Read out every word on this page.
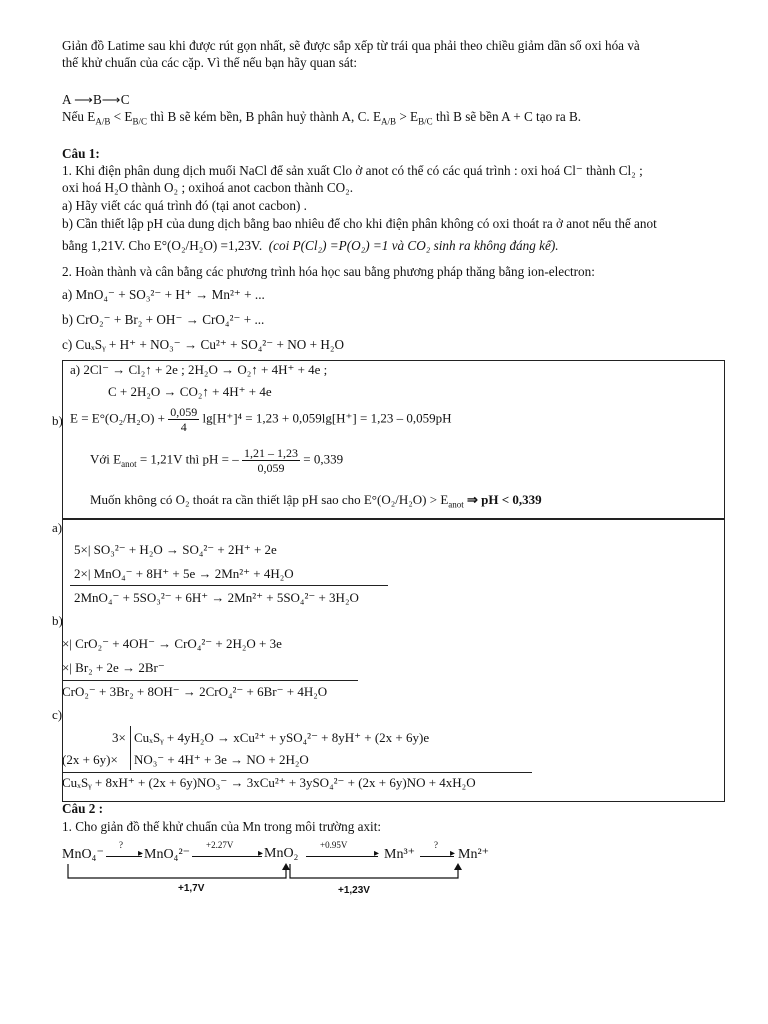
Giản đồ Latime sau khi được rút gọn nhất, sẽ được sắp xếp từ trái qua phải theo chiều giảm dần số oxi hóa và
thế khử chuẩn của các cặp. Vì thế nếu bạn hãy quan sát:
A ⟶B⟶C
Nếu $E_{A/B} < E_{B/C}$ thì B sẽ kém bền, B phân huỷ thành A, C. $E_{A/B} > E_{B/C}$ thì B sẽ bền A + C tạo ra B.
Câu 1:
1. Khi điện phân dung dịch muối NaCl để sản xuất Clo ở anot có thể có các quá trình : oxi hoá Cl⁻ thành Cl₂ ;
oxi hoá H₂O thành O₂ ; oxihoá anot cacbon thành CO₂.
a) Hãy viết các quá trình đó (tại anot cacbon) .
b) Cần thiết lập pH của dung dịch bằng bao nhiêu để cho khi điện phân không có oxi thoát ra ở anot nếu thế anot
bằng 1,21V. Cho E°(O₂/H₂O) =1,23V. (coi P(Cl₂) =P(O₂) =1 và CO₂ sinh ra không đáng kể).
2. Hoàn thành và cân bằng các phương trình hóa học sau bằng phương pháp thăng bằng ion-electron:
a) MnO₄⁻ + SO₃²⁻ + H⁺ → Mn²⁺ + ...
b) CrO₂⁻ + Br₂ + OH⁻ → CrO₄²⁻ + ...
c) CuₓSᵧ + H⁺ + NO₃⁻ → Cu²⁺ + SO₄²⁻ + NO + H₂O
a) 2Cl⁻ → Cl₂↑ + 2e ; 2H₂O → O₂↑ + 4H⁺ + 4e ;
C + 2H₂O → CO₂↑ + 4H⁺ + 4e
b) $E = E^\circ(O_2/H_2O) + \frac{0,059}{4} \lg[H^+]^4 = 1,23 + 0,059\lg[H^+] = 1,23 - 0,059pH$
Với $E_{anot} = 1,21V$ thì pH = – $\frac{1,21 - 1,23}{0,059} = 0,339$
Muốn không có O₂ thoát ra cần thiết lập pH sao cho $E^\circ(O_2/H_2O) > E_{anot}$ ⇒ pH < 0,339
a)
5×| SO₃²⁻ + H₂O → SO₄²⁻ + 2H⁺ + 2e
2×| MnO₄⁻ + 8H⁺ + 5e → 2Mn²⁺ + 4H₂O
2MnO₄⁻ + 5SO₃²⁻ + 6H⁺ → 2Mn²⁺ + 5SO₄²⁻ + 3H₂O
b)
×| CrO₂⁻ + 4OH⁻ → CrO₄²⁻ + 2H₂O + 3e
×| Br₂ + 2e → 2Br⁻
CrO₂⁻ + 3Br₂ + 8OH⁻ → 2CrO₄²⁻ + 6Br⁻ + 4H₂O
c)
3× CuₓSᵧ + 4yH₂O → xCu²⁺ + ySO₄²⁻ + 8yH⁺ + (2x + 6y)e
(2x + 6y)× NO₃⁻ + 4H⁺ + 3e → NO + 2H₂O
CuₓSᵧ + 8xH⁺ + (2x + 6y)NO₃⁻ → 3xCu²⁺ + 3ySO₄²⁻ + (2x + 6y)NO + 4xH₂O
Câu 2 :
1. Cho giản đồ thế khử chuẩn của Mn trong môi trường axit:
MnO₄⁻	▸
?
MnO₄²⁻	▸
+2.27V
MnO₂	▸
+0.95V
Mn³⁺	▸
?
Mn²⁺
+1,7V	+1,23V
